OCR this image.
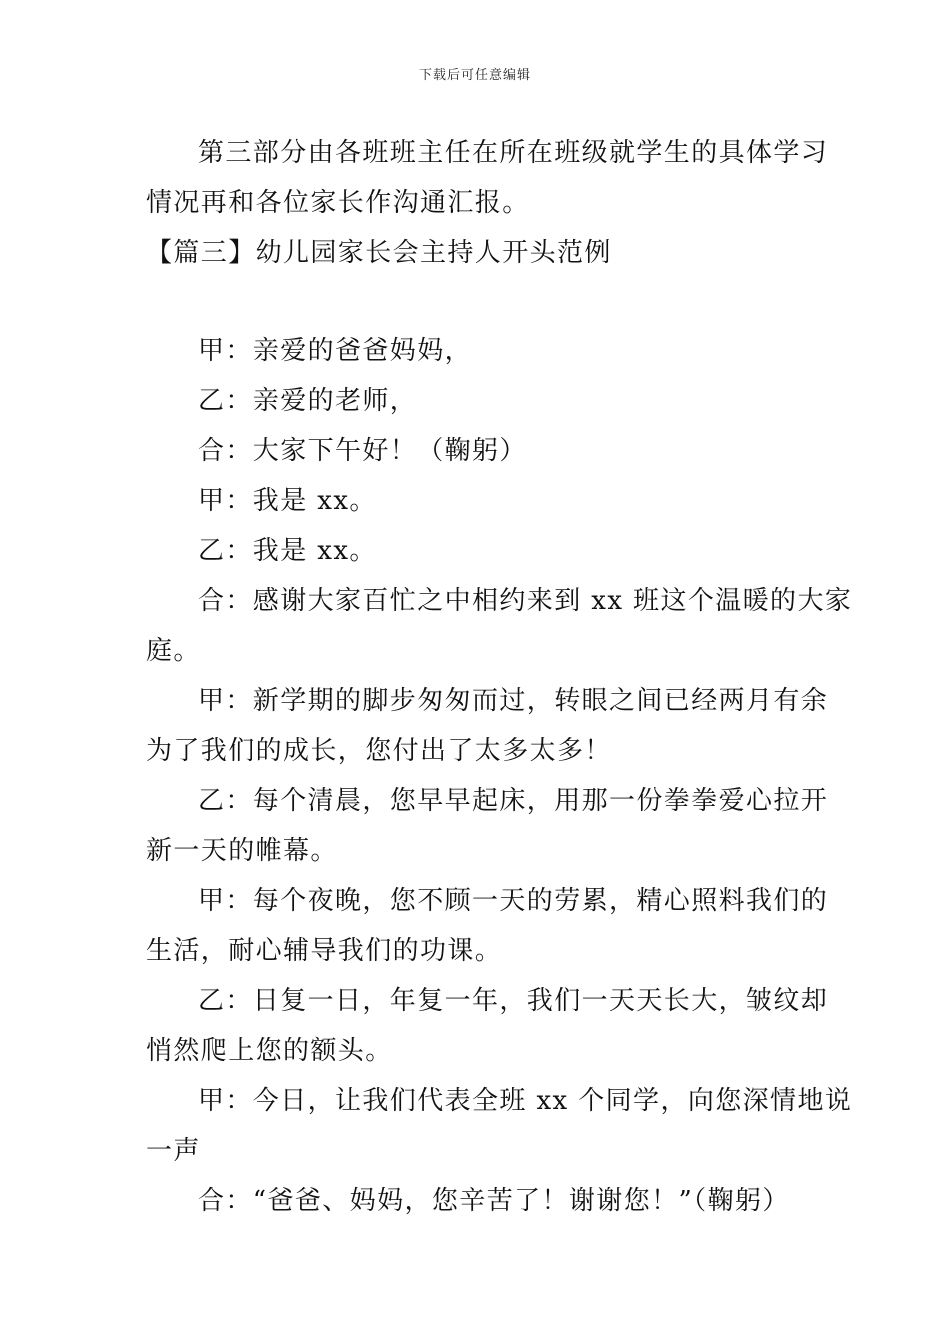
下载后可任意编辑
第三部分由各班班主任在所在班级就学生的具体学习
情况再和各位家长作沟通汇报。
【篇三】幼儿园家长会主持人开头范例
甲：亲爱的爸爸妈妈，
乙：亲爱的老师，
合：大家下午好！（鞠躬）
甲：我是 xx。
乙：我是 xx。
合：感谢大家百忙之中相约来到 xx 班这个温暖的大家
庭。
甲：新学期的脚步匆匆而过，转眼之间已经两月有余
为了我们的成长，您付出了太多太多！
乙：每个清晨，您早早起床，用那一份拳拳爱心拉开
新一天的帷幕。
甲：每个夜晚，您不顾一天的劳累，精心照料我们的
生活，耐心辅导我们的功课。
乙：日复一日，年复一年，我们一天天长大，皱纹却
悄然爬上您的额头。
甲：今日，让我们代表全班 xx 个同学，向您深情地说
一声
合：“爸爸、妈妈，您辛苦了！谢谢您！”（鞠躬）
